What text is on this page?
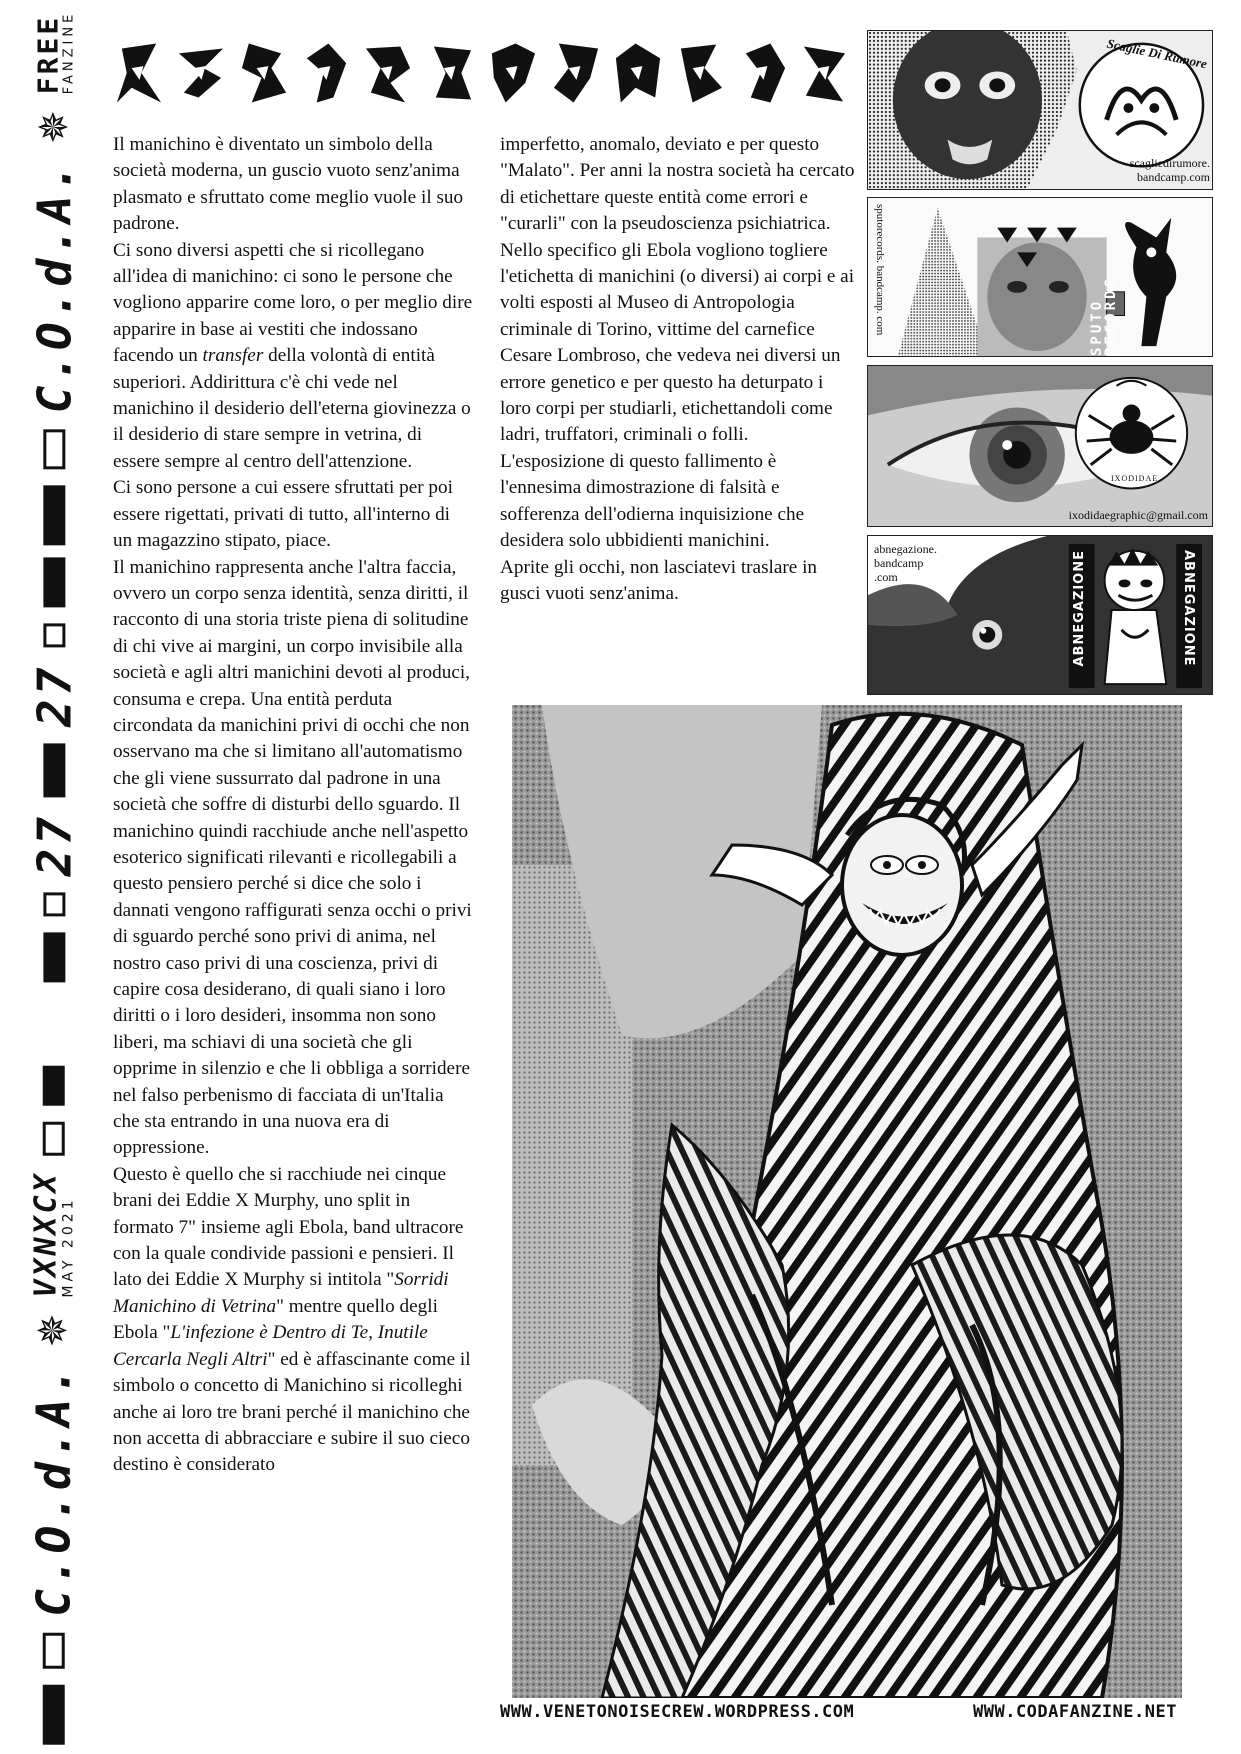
C.O.d.A.
✵
FREE
FANZINE
27
27
C.O.d.A.
✵
VXNXCX
MAY 2021

Il manichino è diventato un simbolo della società moderna, un guscio vuoto senz'anima plasmato e sfruttato come meglio vuole il suo padrone.

Ci sono diversi aspetti che si ricollegano all'idea di manichino: ci sono le persone che vogliono apparire come loro, o per meglio dire apparire in base ai vestiti che indossano facendo un transfer della volontà di entità superiori. Addirittura c'è chi vede nel manichino il desiderio dell'eterna giovinezza o il desiderio di stare sempre in vetrina, di essere sempre al centro dell'attenzione.

Ci sono persone a cui essere sfruttati per poi essere rigettati, privati di tutto, all'interno di un magazzino stipato, piace.

Il manichino rappresenta anche l'altra faccia, ovvero un corpo senza identità, senza diritti, il racconto di una storia triste piena di solitudine di chi vive ai margini, un corpo invisibile alla società e agli altri manichini devoti al produci, consuma e crepa. Una entità perduta circondata da manichini privi di occhi che non osservano ma che si limitano all'automatismo che gli viene sussurrato dal padrone in una società che soffre di disturbi dello sguardo. Il manichino quindi racchiude anche nell'aspetto esoterico significati rilevanti e ricollegabili a questo pensiero perché si dice che solo i dannati vengono raffigurati senza occhi o privi di sguardo perché sono privi di anima, nel nostro caso privi di una coscienza, privi di capire cosa desiderano, di quali siano i loro diritti o i loro desideri, insomma non sono liberi, ma schiavi di una società che gli opprime in silenzio e che li obbliga a sorridere nel falso perbenismo di facciata di un'Italia che sta entrando in una nuova era di oppressione.

Questo è quello che si racchiude nei cinque brani dei Eddie X Murphy, uno split in formato 7" insieme agli Ebola, band ultracore con la quale condivide passioni e pensieri. Il lato dei Eddie X Murphy si intitola "Sorridi Manichino di Vetrina" mentre quello degli Ebola "L'infezione è Dentro di Te, Inutile Cercarla Negli Altri" ed è affascinante come il simbolo o concetto di Manichino si ricolleghi anche ai loro tre brani perché il manichino che non accetta di abbracciare e subire il suo cieco destino è considerato

imperfetto, anomalo, deviato e per questo "Malato". Per anni la nostra società ha cercato di etichettare queste entità come errori e "curarli" con la pseudoscienza psichiatrica.

Nello specifico gli Ebola vogliono togliere l'etichetta di manichini (o diversi) ai corpi e ai volti esposti al Museo di Antropologia criminale di Torino, vittime del carnefice Cesare Lombroso, che vedeva nei diversi un errore genetico e per questo ha deturpato i loro corpi per studiarli, etichettandoli come ladri, truffatori, criminali o folli. L'esposizione di questo fallimento è l'ennesima dimostrazione di falsità e sofferenza dell'odierna inquisizione che desidera solo ubbidienti manichini.

Aprite gli occhi, non lasciatevi traslare in gusci vuoti senz'anima.

Scaglie Di Rumore
scagliedirumore.
bandcamp.com
sputorecords. bandcamp. com	SPUTO RECORDS
IXODIDAE
ixodidaegraphic@gmail.com
abnegazione.
bandcamp
.com	ABNEGAZIONE	ABNEGAZIONE
WWW.VENETONOISECREW.WORDPRESS.COM	WWW.CODAFANZINE.NET
